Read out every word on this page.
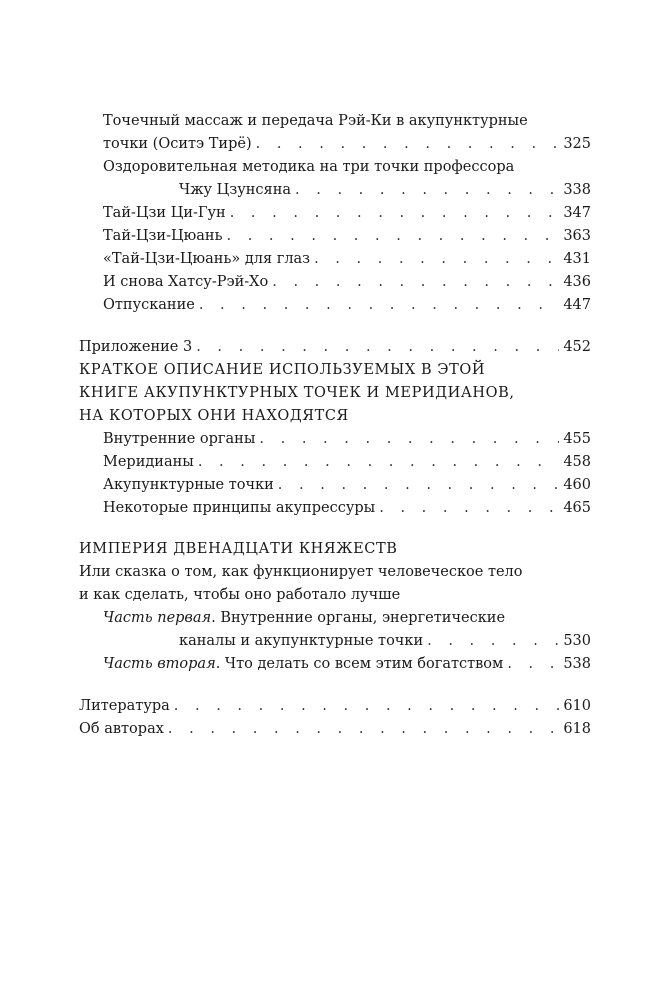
Точечный массаж и передача Рэй-Ки в акупунктурные
точки (Оситэ Тирё) . . .	325
Оздоровительная методика на три точки профессора
Чжу Цзунсяна . . .	338
Тай-Цзи Ци-Гун . . .	347
Тай-Цзи-Цюань . . .	363
«Тай-Цзи-Цюань» для глаз . . .	431
И снова Хатсу-Рэй-Хо . . .	436
Отпускание . . .	447
Приложение 3 . . .	452
КРАТКОЕ ОПИСАНИЕ ИСПОЛЬЗУЕМЫХ В ЭТОЙ
КНИГЕ АКУПУНКТУРНЫХ ТОЧЕК И МЕРИДИАНОВ,
НА КОТОРЫХ ОНИ НАХОДЯТСЯ
Внутренние органы . . .	455
Меридианы . . .	458
Акупунктурные точки . . .	460
Некоторые принципы акупрессуры . . .	465
ИМПЕРИЯ ДВЕНАДЦАТИ КНЯЖЕСТВ
Или сказка о том, как функционирует человеческое тело
и как сделать, чтобы оно работало лучше
Часть первая. Внутренние органы, энергетические
каналы и акупунктурные точки . . .	530
Часть вторая. Что делать со всем этим богатством . . .	538
Литература . . .	610
Об авторах . . .	618
